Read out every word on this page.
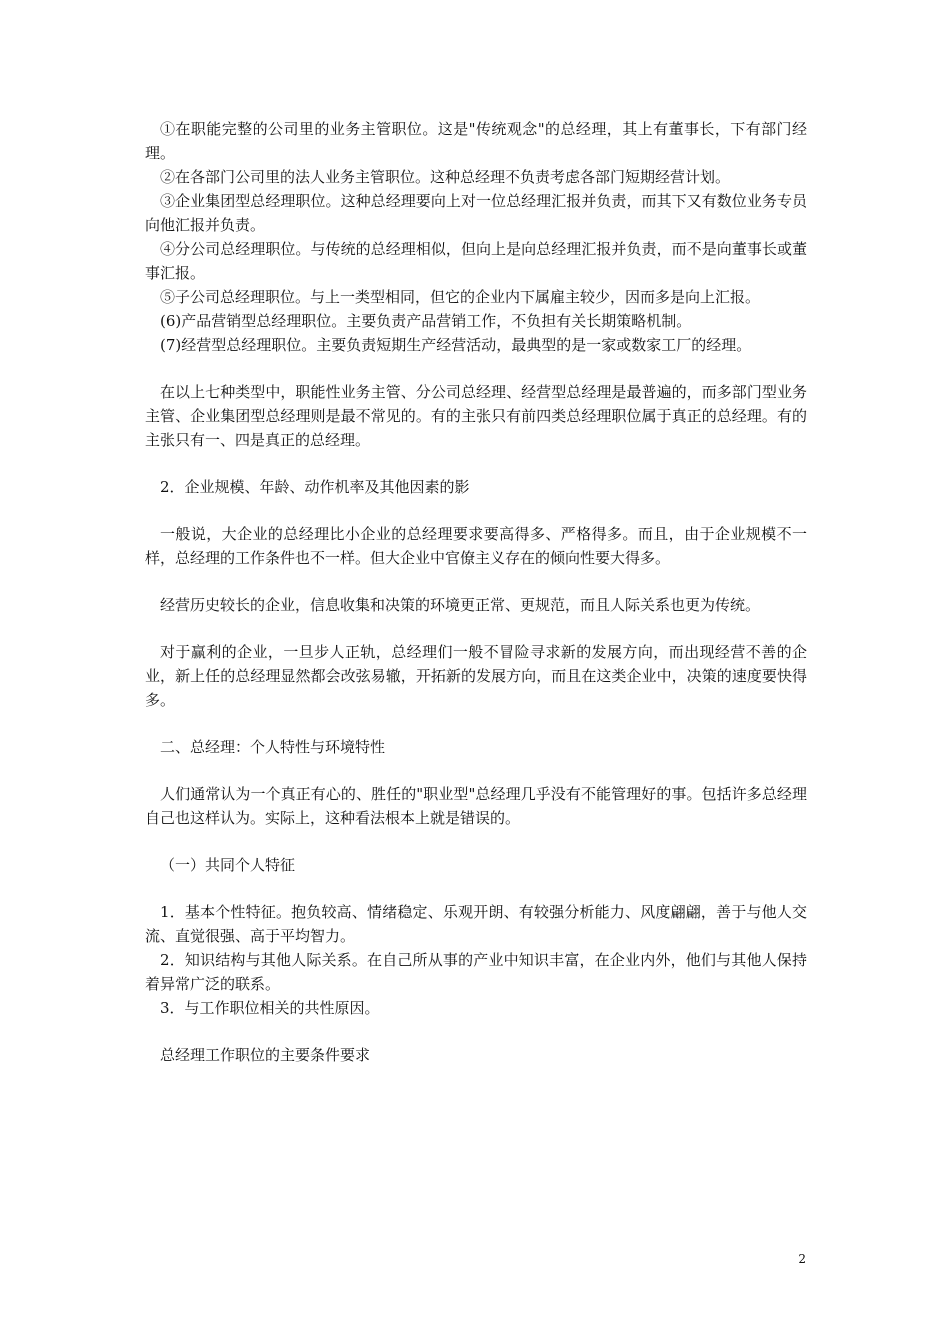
①在职能完整的公司里的业务主管职位。这是"传统观念"的总经理，其上有董事长，下有部门经理。

②在各部门公司里的法人业务主管职位。这种总经理不负责考虑各部门短期经营计划。

③企业集团型总经理职位。这种总经理要向上对一位总经理汇报并负责，而其下又有数位业务专员向他汇报并负责。

④分公司总经理职位。与传统的总经理相似，但向上是向总经理汇报并负责，而不是向董事长或董事汇报。

⑤子公司总经理职位。与上一类型相同，但它的企业内下属雇主较少，因而多是向上汇报。

(6)产品营销型总经理职位。主要负责产品营销工作，不负担有关长期策略机制。

(7)经营型总经理职位。主要负责短期生产经营活动，最典型的是一家或数家工厂的经理。

在以上七种类型中，职能性业务主管、分公司总经理、经营型总经理是最普遍的，而多部门型业务主管、企业集团型总经理则是最不常见的。有的主张只有前四类总经理职位属于真正的总经理。有的主张只有一、四是真正的总经理。

2．企业规模、年龄、动作机率及其他因素的影

一般说，大企业的总经理比小企业的总经理要求要高得多、严格得多。而且，由于企业规模不一样，总经理的工作条件也不一样。但大企业中官僚主义存在的倾向性要大得多。

经营历史较长的企业，信息收集和决策的环境更正常、更规范，而且人际关系也更为传统。

对于赢利的企业，一旦步人正轨，总经理们一般不冒险寻求新的发展方向，而出现经营不善的企业，新上任的总经理显然都会改弦易辙，开拓新的发展方向，而且在这类企业中，决策的速度要快得多。

二、总经理：个人特性与环境特性

人们通常认为一个真正有心的、胜任的"职业型"总经理几乎没有不能管理好的事。包括许多总经理自己也这样认为。实际上，这种看法根本上就是错误的。

（一）共同个人特征

1．基本个性特征。抱负较高、情绪稳定、乐观开朗、有较强分析能力、风度翩翩，善于与他人交流、直觉很强、高于平均智力。

2．知识结构与其他人际关系。在自己所从事的产业中知识丰富，在企业内外，他们与其他人保持着异常广泛的联系。

3．与工作职位相关的共性原因。

总经理工作职位的主要条件要求

2
